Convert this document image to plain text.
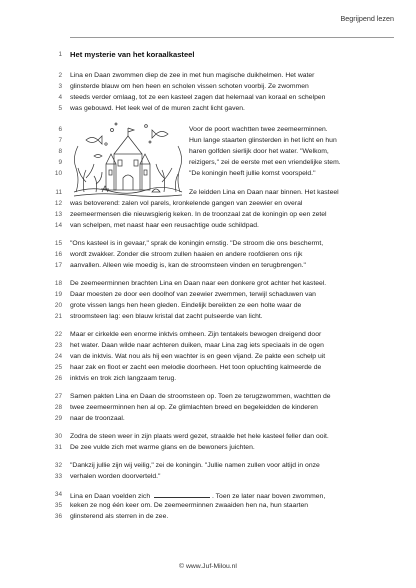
Begrijpend lezen
1 Het mysterie van het koraalkasteel
2 Lina en Daan zwommen diep de zee in met hun magische duikhelmen. Het water
3 glinsterde blauw om hen heen en scholen vissen schoten voorbij. Ze zwommen
4 steeds verder omlaag, tot ze een kasteel zagen dat helemaal van koraal en schelpen
5 was gebouwd. Het leek wel of de muren zacht licht gaven.
6	Voor de poort wachtten twee zeemeerminnen.
7	Hun lange staarten glinsterden in het licht en hun
8	haren golfden sierlijk door het water. "Welkom,
9	reizigers," zei de eerste met een vriendelijke stem.
10	"De koningin heeft jullie komst voorspeld."
11	Ze leidden Lina en Daan naar binnen. Het kasteel
12 was betoverend: zalen vol parels, kronkelende gangen van zeewier en overal
13 zeemeermensen die nieuwsgierig keken. In de troonzaal zat de koningin op een zetel
14 van schelpen, met naast haar een reusachtige oude schildpad.
15 "Ons kasteel is in gevaar," sprak de koningin ernstig. "De stroom die ons beschermt,
16 wordt zwakker. Zonder die stroom zullen haaien en andere roofdieren ons rijk
17 aanvallen. Alleen wie moedig is, kan de stroomsteen vinden en terugbrengen."
18 De zeemeerminnen brachten Lina en Daan naar een donkere grot achter het kasteel.
19 Daar moesten ze door een doolhof van zeewier zwemmen, terwijl schaduwen van
20 grote vissen langs hen heen gleden. Eindelijk bereikten ze een holte waar de
21 stroomsteen lag: een blauw kristal dat zacht pulseerde van licht.
22 Maar er cirkelde een enorme inktvis omheen. Zijn tentakels bewogen dreigend door
23 het water. Daan wilde naar achteren duiken, maar Lina zag iets speciaals in de ogen
24 van de inktvis. Wat nou als hij een wachter is en geen vijand. Ze pakte een schelp uit
25 haar zak en floot er zacht een melodie doorheen. Het toon opluchting kalmeerde de
26 inktvis en trok zich langzaam terug.
27 Samen pakten Lina en Daan de stroomsteen op. Toen ze terugzwommen, wachtten de
28 twee zeemeerminnen hen al op. Ze glimlachten breed en begeleidden de kinderen
29 naar de troonzaal.
30 Zodra de steen weer in zijn plaats werd gezet, straalde het hele kasteel feller dan ooit.
31 De zee vulde zich met warme glans en de bewoners juichten.
32 "Dankzij jullie zijn wij veilig," zei de koningin. "Jullie namen zullen voor altijd in onze
33 verhalen worden doorverteld."
34 Lina en Daan voelden zich	. Toen ze later naar boven zwommen,
35 keken ze nog één keer om. De zeemeerminnen zwaaiden hen na, hun staarten
36 glinsterend als sterren in de zee.
© www.Juf-Milou.nl
